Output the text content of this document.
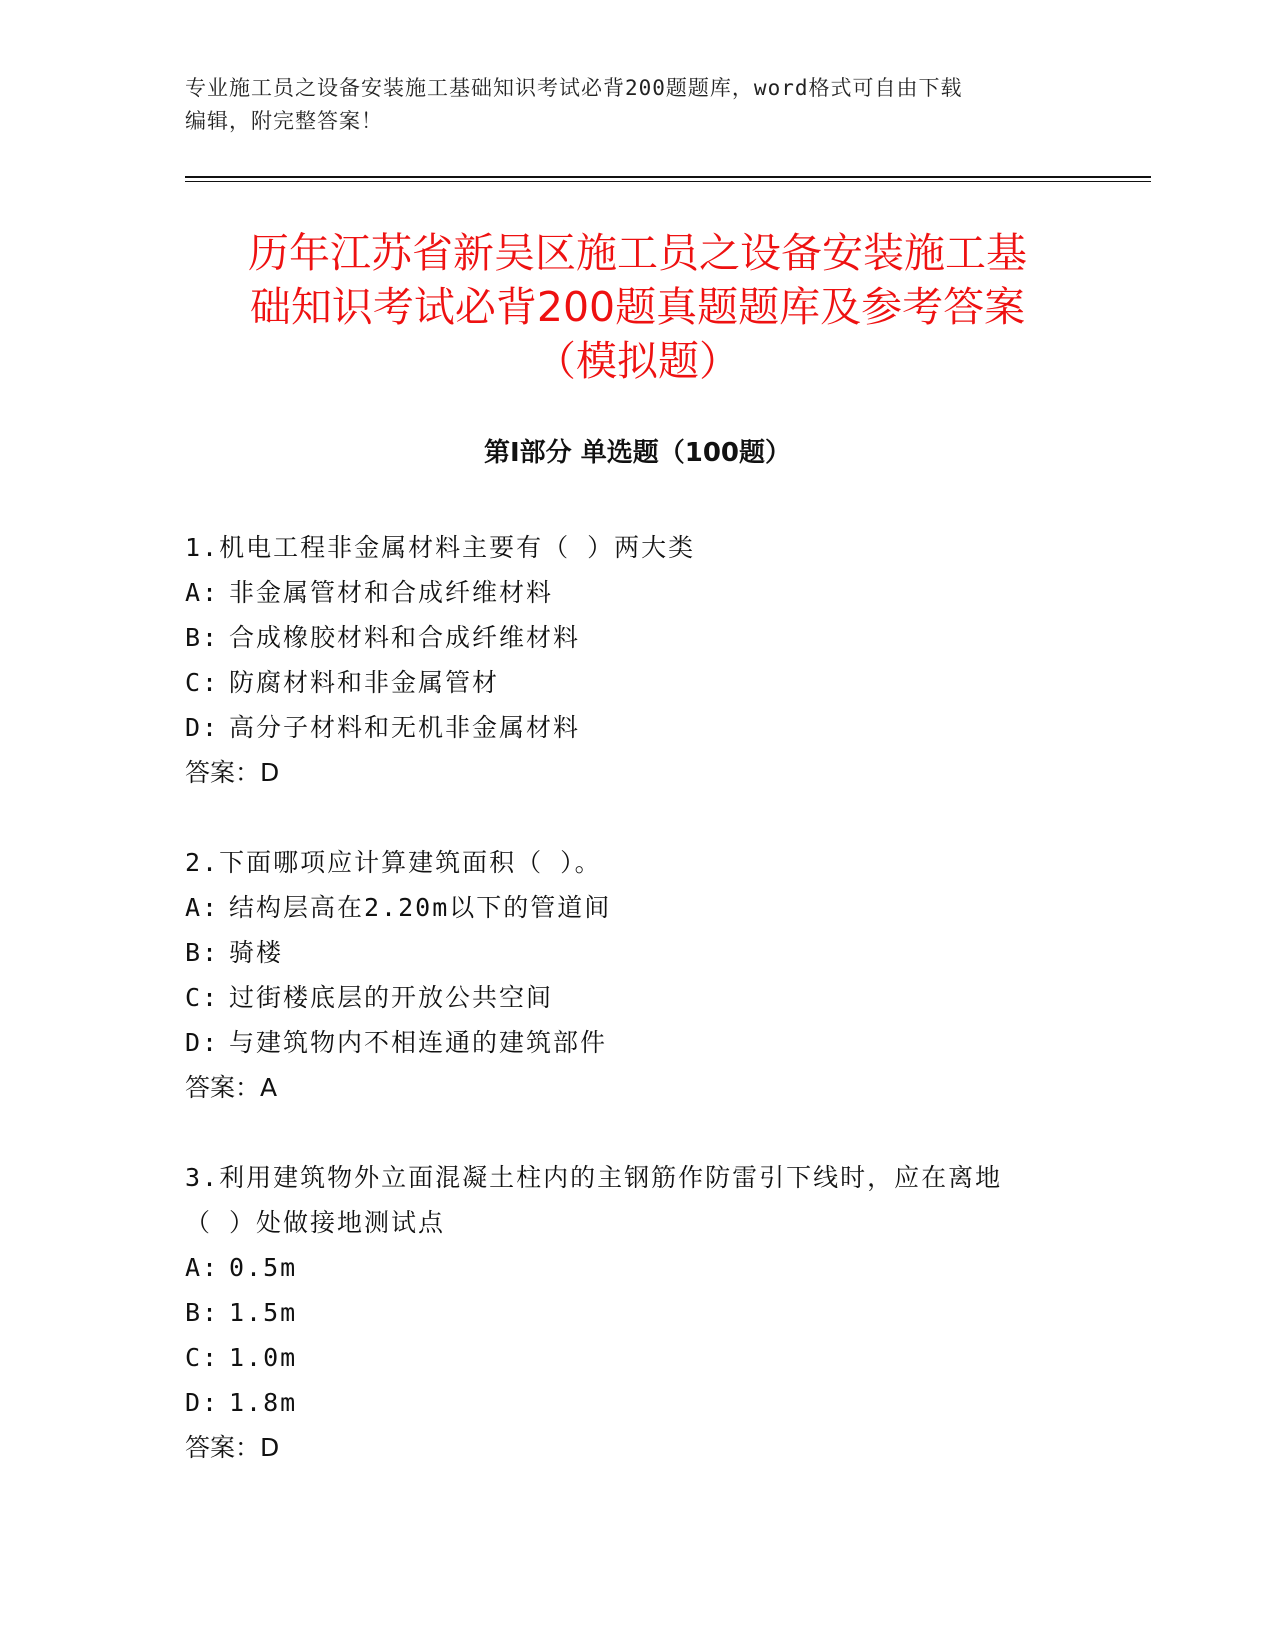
专业施工员之设备安装施工基础知识考试必背200题题库，word格式可自由下载
编辑，附完整答案！
历年江苏省新吴区施工员之设备安装施工基
础知识考试必背200题真题题库及参考答案
（模拟题）
第I部分 单选题（100题）
1.机电工程非金属材料主要有（ ）两大类
A: 非金属管材和合成纤维材料
B: 合成橡胶材料和合成纤维材料
C: 防腐材料和非金属管材
D: 高分子材料和无机非金属材料
答案：D
2.下面哪项应计算建筑面积（ ）。
A: 结构层高在2.20m以下的管道间
B: 骑楼
C: 过街楼底层的开放公共空间
D: 与建筑物内不相连通的建筑部件
答案：A
3.利用建筑物外立面混凝土柱内的主钢筋作防雷引下线时，应在离地
（ ）处做接地测试点
A: 0.5m
B: 1.5m
C: 1.0m
D: 1.8m
答案：D
